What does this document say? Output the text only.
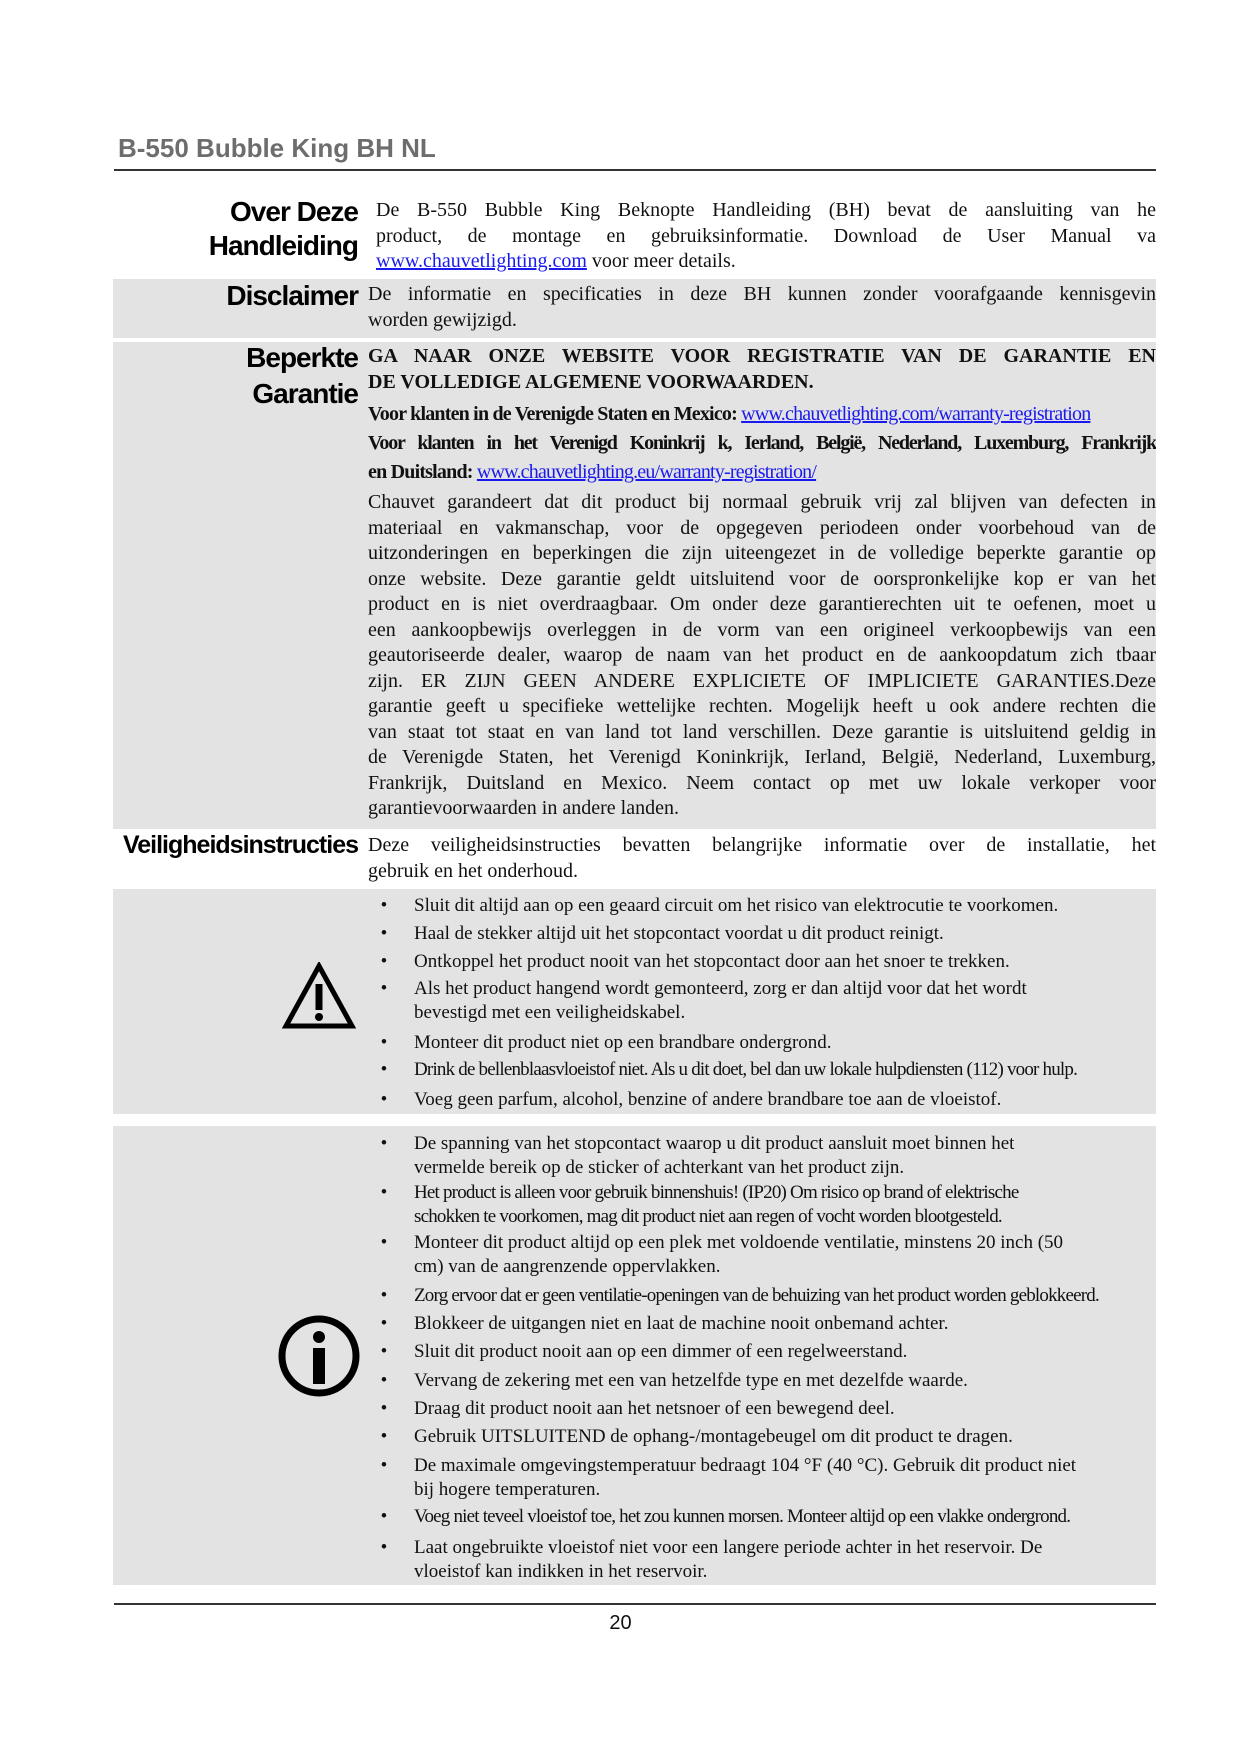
B-550 Bubble King BH NL
Over Deze
Handleiding
De B-550 Bubble King Beknopte Handleiding (BH) bevat de aansluiting van he
product, de montage en gebruiksinformatie. Download de User Manual va
www.chauvetlighting.com voor meer details.
Disclaimer De informatie en specificaties in deze BH kunnen zonder voorafgaande kennisgevin
worden gewijzigd.
Beperkte
Garantie
GA NAAR ONZE WEBSITE VOOR REGISTRATIE VAN DE GARANTIE EN
DE VOLLEDIGE ALGEMENE VOORWAARDEN.
Voor klanten in de Verenigde Staten en Mexico: www.chauvetlighting.com/warranty-registration
Voor klanten in het Verenigd Koninkrij k, Ierland, België, Nederland, Luxemburg, Frankrijk
en Duitsland: www.chauvetlighting.eu/warranty-registration/
Chauvet garandeert dat dit product bij normaal gebruik vrij zal blijven van defecten in
materiaal en vakmanschap, voor de opgegeven periodeen onder voorbehoud van de
uitzonderingen en beperkingen die zijn uiteengezet in de volledige beperkte garantie op
onze website. Deze garantie geldt uitsluitend voor de oorspronkelijke kop er van het
product en is niet overdraagbaar. Om onder deze garantierechten uit te oefenen, moet u
een aankoopbewijs overleggen in de vorm van een origineel verkoopbewijs van een
geautoriseerde dealer, waarop de naam van het product en de aankoopdatum zich tbaar
zijn. ER ZIJN GEEN ANDERE EXPLICIETE OF IMPLICIETE GARANTIES.Deze
garantie geeft u specifieke wettelijke rechten. Mogelijk heeft u ook andere rechten die
van staat tot staat en van land tot land verschillen. Deze garantie is uitsluitend geldig in
de Verenigde Staten, het Verenigd Koninkrijk, Ierland, België, Nederland, Luxemburg,
Frankrijk, Duitsland en Mexico. Neem contact op met uw lokale verkoper voor
garantievoorwaarden in andere landen.
Veiligheidsinstructies Deze veiligheidsinstructies bevatten belangrijke informatie over de installatie, het
gebruik en het onderhoud.
•	Sluit dit altijd aan op een geaard circuit om het risico van elektrocutie te voorkomen.
•	Haal de stekker altijd uit het stopcontact voordat u dit product reinigt.
•	Ontkoppel het product nooit van het stopcontact door aan het snoer te trekken.
•	Als het product hangend wordt gemonteerd, zorg er dan altijd voor dat het wordt
bevestigd met een veiligheidskabel.
•	Monteer dit product niet op een brandbare ondergrond.
•	Drink de bellenblaasvloeistof niet. Als u dit doet, bel dan uw lokale hulpdiensten (112) voor hulp.
•	Voeg geen parfum, alcohol, benzine of andere brandbare toe aan de vloeistof.
•	De spanning van het stopcontact waarop u dit product aansluit moet binnen het
vermelde bereik op de sticker of achterkant van het product zijn.
•	Het product is alleen voor gebruik binnenshuis! (IP20) Om risico op brand of elektrische
schokken te voorkomen, mag dit product niet aan regen of vocht worden blootgesteld.
•	Monteer dit product altijd op een plek met voldoende ventilatie, minstens 20 inch (50
cm) van de aangrenzende oppervlakken.
•	Zorg ervoor dat er geen ventilatie-openingen van de behuizing van het product worden geblokkeerd.
•	Blokkeer de uitgangen niet en laat de machine nooit onbemand achter.
•	Sluit dit product nooit aan op een dimmer of een regelweerstand.
•	Vervang de zekering met een van hetzelfde type en met dezelfde waarde.
•	Draag dit product nooit aan het netsnoer of een bewegend deel.
•	Gebruik UITSLUITEND de ophang-/montagebeugel om dit product te dragen.
•	De maximale omgevingstemperatuur bedraagt 104 °F (40 °C). Gebruik dit product niet
bij hogere temperaturen.
•	Voeg niet teveel vloeistof toe, het zou kunnen morsen. Monteer altijd op een vlakke ondergrond.
•	Laat ongebruikte vloeistof niet voor een langere periode achter in het reservoir. De
vloeistof kan indikken in het reservoir.
20
